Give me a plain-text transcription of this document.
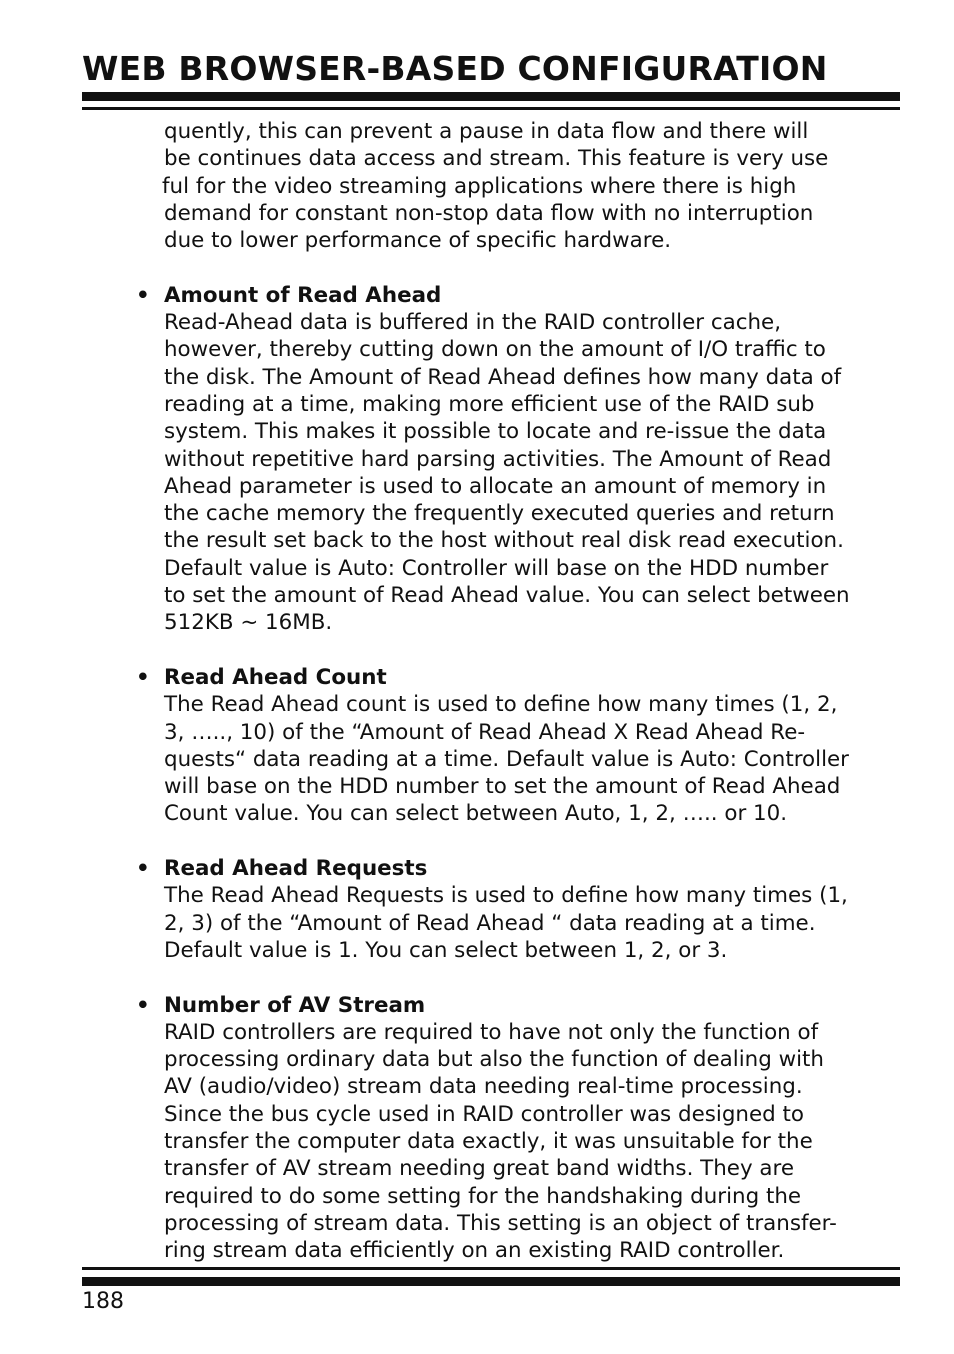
WEB BROWSER-BASED CONFIGURATION

quently, this can prevent a pause in data flow and there will
be continues data access and stream. This feature is very use
ful for the video streaming applications where there is high
demand for constant non-stop data flow with no interruption
due to lower performance of specific hardware.

• Amount of Read Ahead
Read-Ahead data is buffered in the RAID controller cache,
however, thereby cutting down on the amount of I/O traffic to
the disk. The Amount of Read Ahead defines how many data of
reading at a time, making more efficient use of the RAID sub
system. This makes it possible to locate and re-issue the data
without repetitive hard parsing activities. The Amount of Read
Ahead parameter is used to allocate an amount of memory in
the cache memory the frequently executed queries and return
the result set back to the host without real disk read execution.
Default value is Auto: Controller will base on the HDD number
to set the amount of Read Ahead value. You can select between
512KB ~ 16MB.
• Read Ahead Count
The Read Ahead count is used to define how many times (1, 2,
3, ….., 10) of the “Amount of Read Ahead X Read Ahead Re-
quests“ data reading at a time. Default value is Auto: Controller
will base on the HDD number to set the amount of Read Ahead
Count value. You can select between Auto, 1, 2, ….. or 10.
• Read Ahead Requests
The Read Ahead Requests is used to define how many times (1,
2, 3) of the “Amount of Read Ahead “ data reading at a time.
Default value is 1. You can select between 1, 2, or 3.
• Number of AV Stream
RAID controllers are required to have not only the function of
processing ordinary data but also the function of dealing with
AV (audio/video) stream data needing real-time processing.
Since the bus cycle used in RAID controller was designed to
transfer the computer data exactly, it was unsuitable for the
transfer of AV stream needing great band widths. They are
required to do some setting for the handshaking during the
processing of stream data. This setting is an object of transfer-
ring stream data efficiently on an existing RAID controller.
188
